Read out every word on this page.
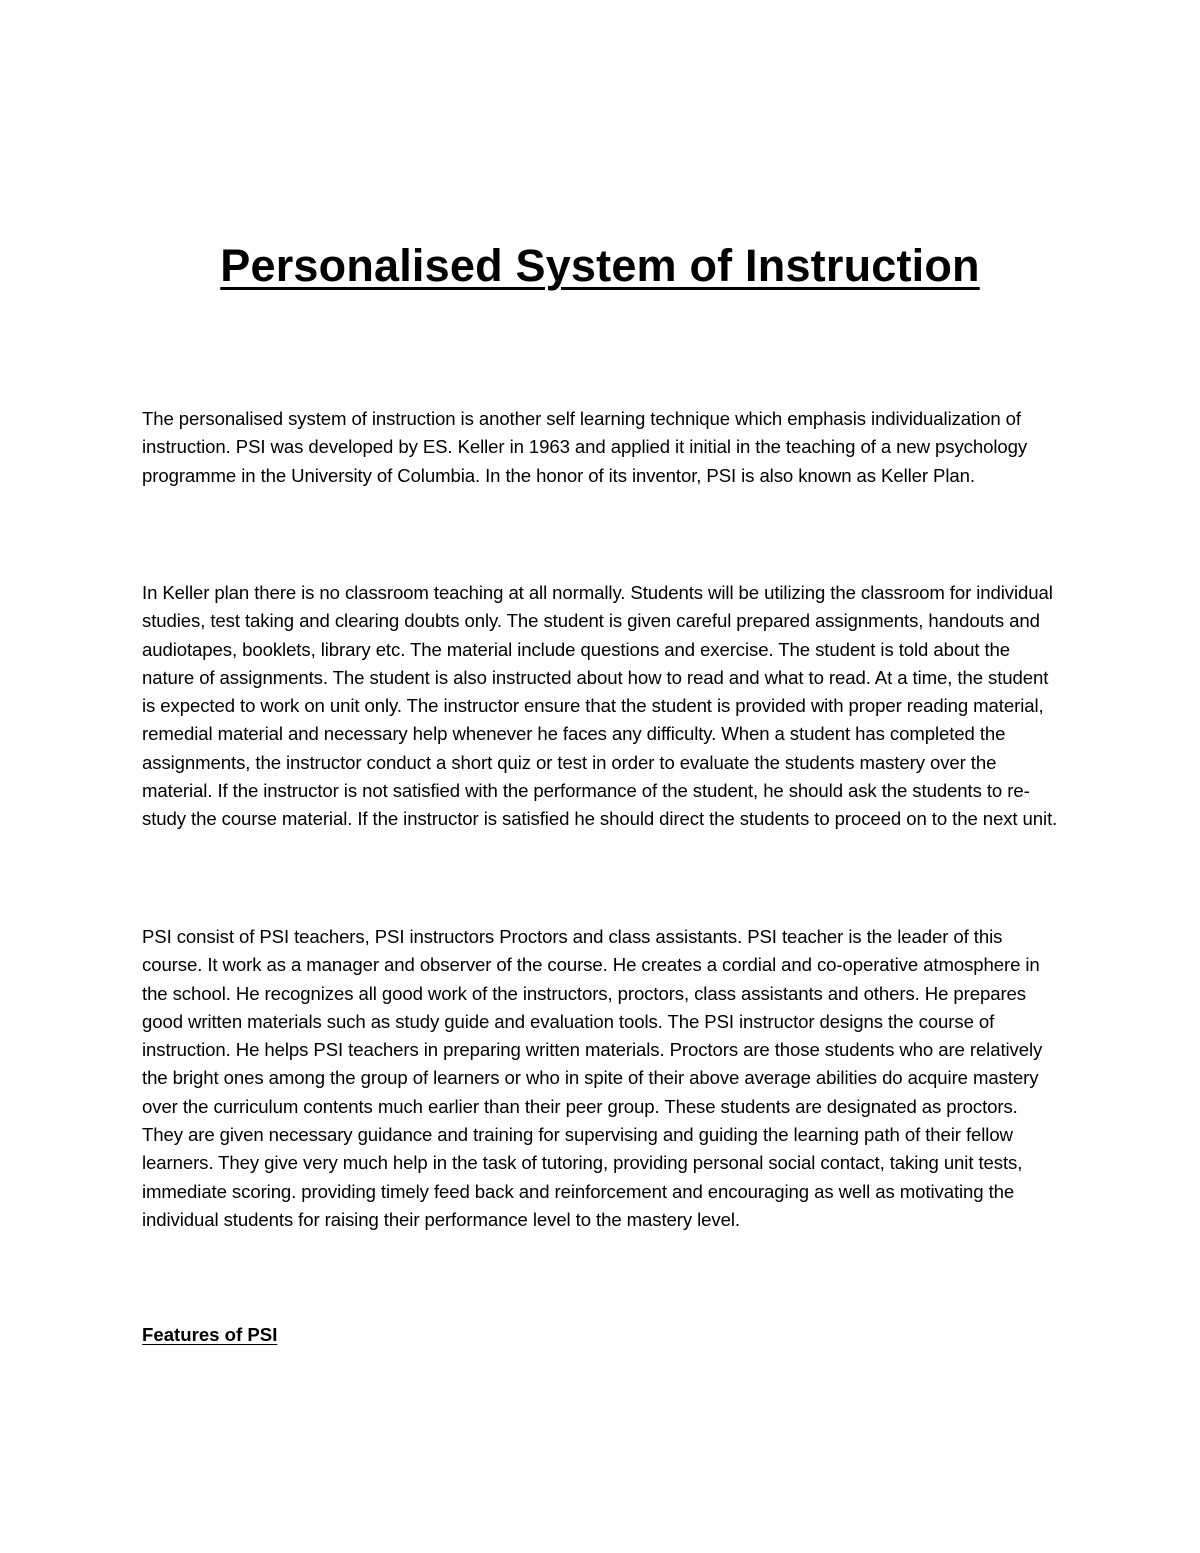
Personalised System of Instruction

The personalised system of instruction is another self learning technique which emphasis individualization of instruction. PSI was developed by ES. Keller in 1963 and applied it initial in the teaching of a new psychology programme in the University of Columbia. In the honor of its inventor, PSI is also known as Keller Plan.

In Keller plan there is no classroom teaching at all normally. Students will be utilizing the classroom for individual studies, test taking and clearing doubts only. The student is given careful prepared assignments, handouts and audiotapes, booklets, library etc. The material include questions and exercise. The student is told about the nature of assignments. The student is also instructed about how to read and what to read. At a time, the student is expected to work on unit only. The instructor ensure that the student is provided with proper reading material, remedial material and necessary help whenever he faces any difficulty. When a student has completed the assignments, the instructor conduct a short quiz or test in order to evaluate the students mastery over the material. If the instructor is not satisfied with the performance of the student, he should ask the students to re-study the course material. If the instructor is satisfied he should direct the students to proceed on to the next unit.

PSI consist of PSI teachers, PSI instructors Proctors and class assistants. PSI teacher is the leader of this course. It work as a manager and observer of the course. He creates a cordial and co-operative atmosphere in the school. He recognizes all good work of the instructors, proctors, class assistants and others. He prepares good written materials such as study guide and evaluation tools. The PSI instructor designs the course of instruction. He helps PSI teachers in preparing written materials. Proctors are those students who are relatively the bright ones among the group of learners or who in spite of their above average abilities do acquire mastery over the curriculum contents much earlier than their peer group. These students are designated as proctors. They are given necessary guidance and training for supervising and guiding the learning path of their fellow learners. They give very much help in the task of tutoring, providing personal social contact, taking unit tests, immediate scoring. providing timely feed back and reinforcement and encouraging as well as motivating the individual students for raising their performance level to the mastery level.

Features of PSI
